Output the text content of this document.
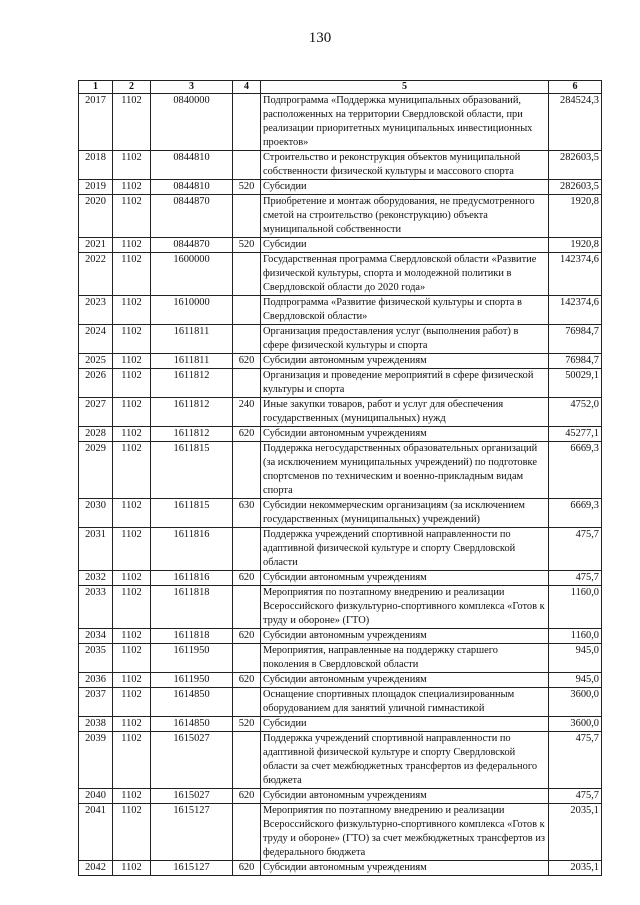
130
1	2	3	4	5	6
2017	1102	0840000		Подпрограмма «Поддержка муниципальных образований, расположенных на территории Свердловской области, при реализации приоритетных муниципальных инвестиционных проектов»	284524,3
2018	1102	0844810		Строительство и реконструкция объектов муниципальной собственности физической культуры и массового спорта	282603,5
2019	1102	0844810	520	Субсидии	282603,5
2020	1102	0844870		Приобретение и монтаж оборудования, не предусмотренного сметой на строительство (реконструкцию) объекта муниципальной собственности	1920,8
2021	1102	0844870	520	Субсидии	1920,8
2022	1102	1600000		Государственная программа Свердловской области «Развитие физической культуры, спорта и молодежной политики в Свердловской области до 2020 года»	142374,6
2023	1102	1610000		Подпрограмма «Развитие физической культуры и спорта в Свердловской области»	142374,6
2024	1102	1611811		Организация предоставления услуг (выполнения работ) в сфере физической культуры и спорта	76984,7
2025	1102	1611811	620	Субсидии автономным учреждениям	76984,7
2026	1102	1611812		Организация и проведение мероприятий в сфере физической культуры и спорта	50029,1
2027	1102	1611812	240	Иные закупки товаров, работ и услуг для обеспечения государственных (муниципальных) нужд	4752,0
2028	1102	1611812	620	Субсидии автономным учреждениям	45277,1
2029	1102	1611815		Поддержка негосударственных образовательных организаций (за исключением муниципальных учреждений) по подготовке спортсменов по техническим и военно-прикладным видам спорта	6669,3
2030	1102	1611815	630	Субсидии некоммерческим организациям (за исключением государственных (муниципальных) учреждений)	6669,3
2031	1102	1611816		Поддержка учреждений спортивной направленности по адаптивной физической культуре и спорту Свердловской области	475,7
2032	1102	1611816	620	Субсидии автономным учреждениям	475,7
2033	1102	1611818		Мероприятия по поэтапному внедрению и реализации Всероссийского физкультурно-спортивного комплекса «Готов к труду и обороне» (ГТО)	1160,0
2034	1102	1611818	620	Субсидии автономным учреждениям	1160,0
2035	1102	1611950		Мероприятия, направленные на поддержку старшего поколения в Свердловской области	945,0
2036	1102	1611950	620	Субсидии автономным учреждениям	945,0
2037	1102	1614850		Оснащение спортивных площадок специализированным оборудованием для занятий уличной гимнастикой	3600,0
2038	1102	1614850	520	Субсидии	3600,0
2039	1102	1615027		Поддержка учреждений спортивной направленности по адаптивной физической культуре и спорту Свердловской области за счет межбюджетных трансфертов из федерального бюджета	475,7
2040	1102	1615027	620	Субсидии автономным учреждениям	475,7
2041	1102	1615127		Мероприятия по поэтапному внедрению и реализации Всероссийского физкультурно-спортивного комплекса «Готов к труду и обороне» (ГТО) за счет межбюджетных трансфертов из федерального бюджета	2035,1
2042	1102	1615127	620	Субсидии автономным учреждениям	2035,1
